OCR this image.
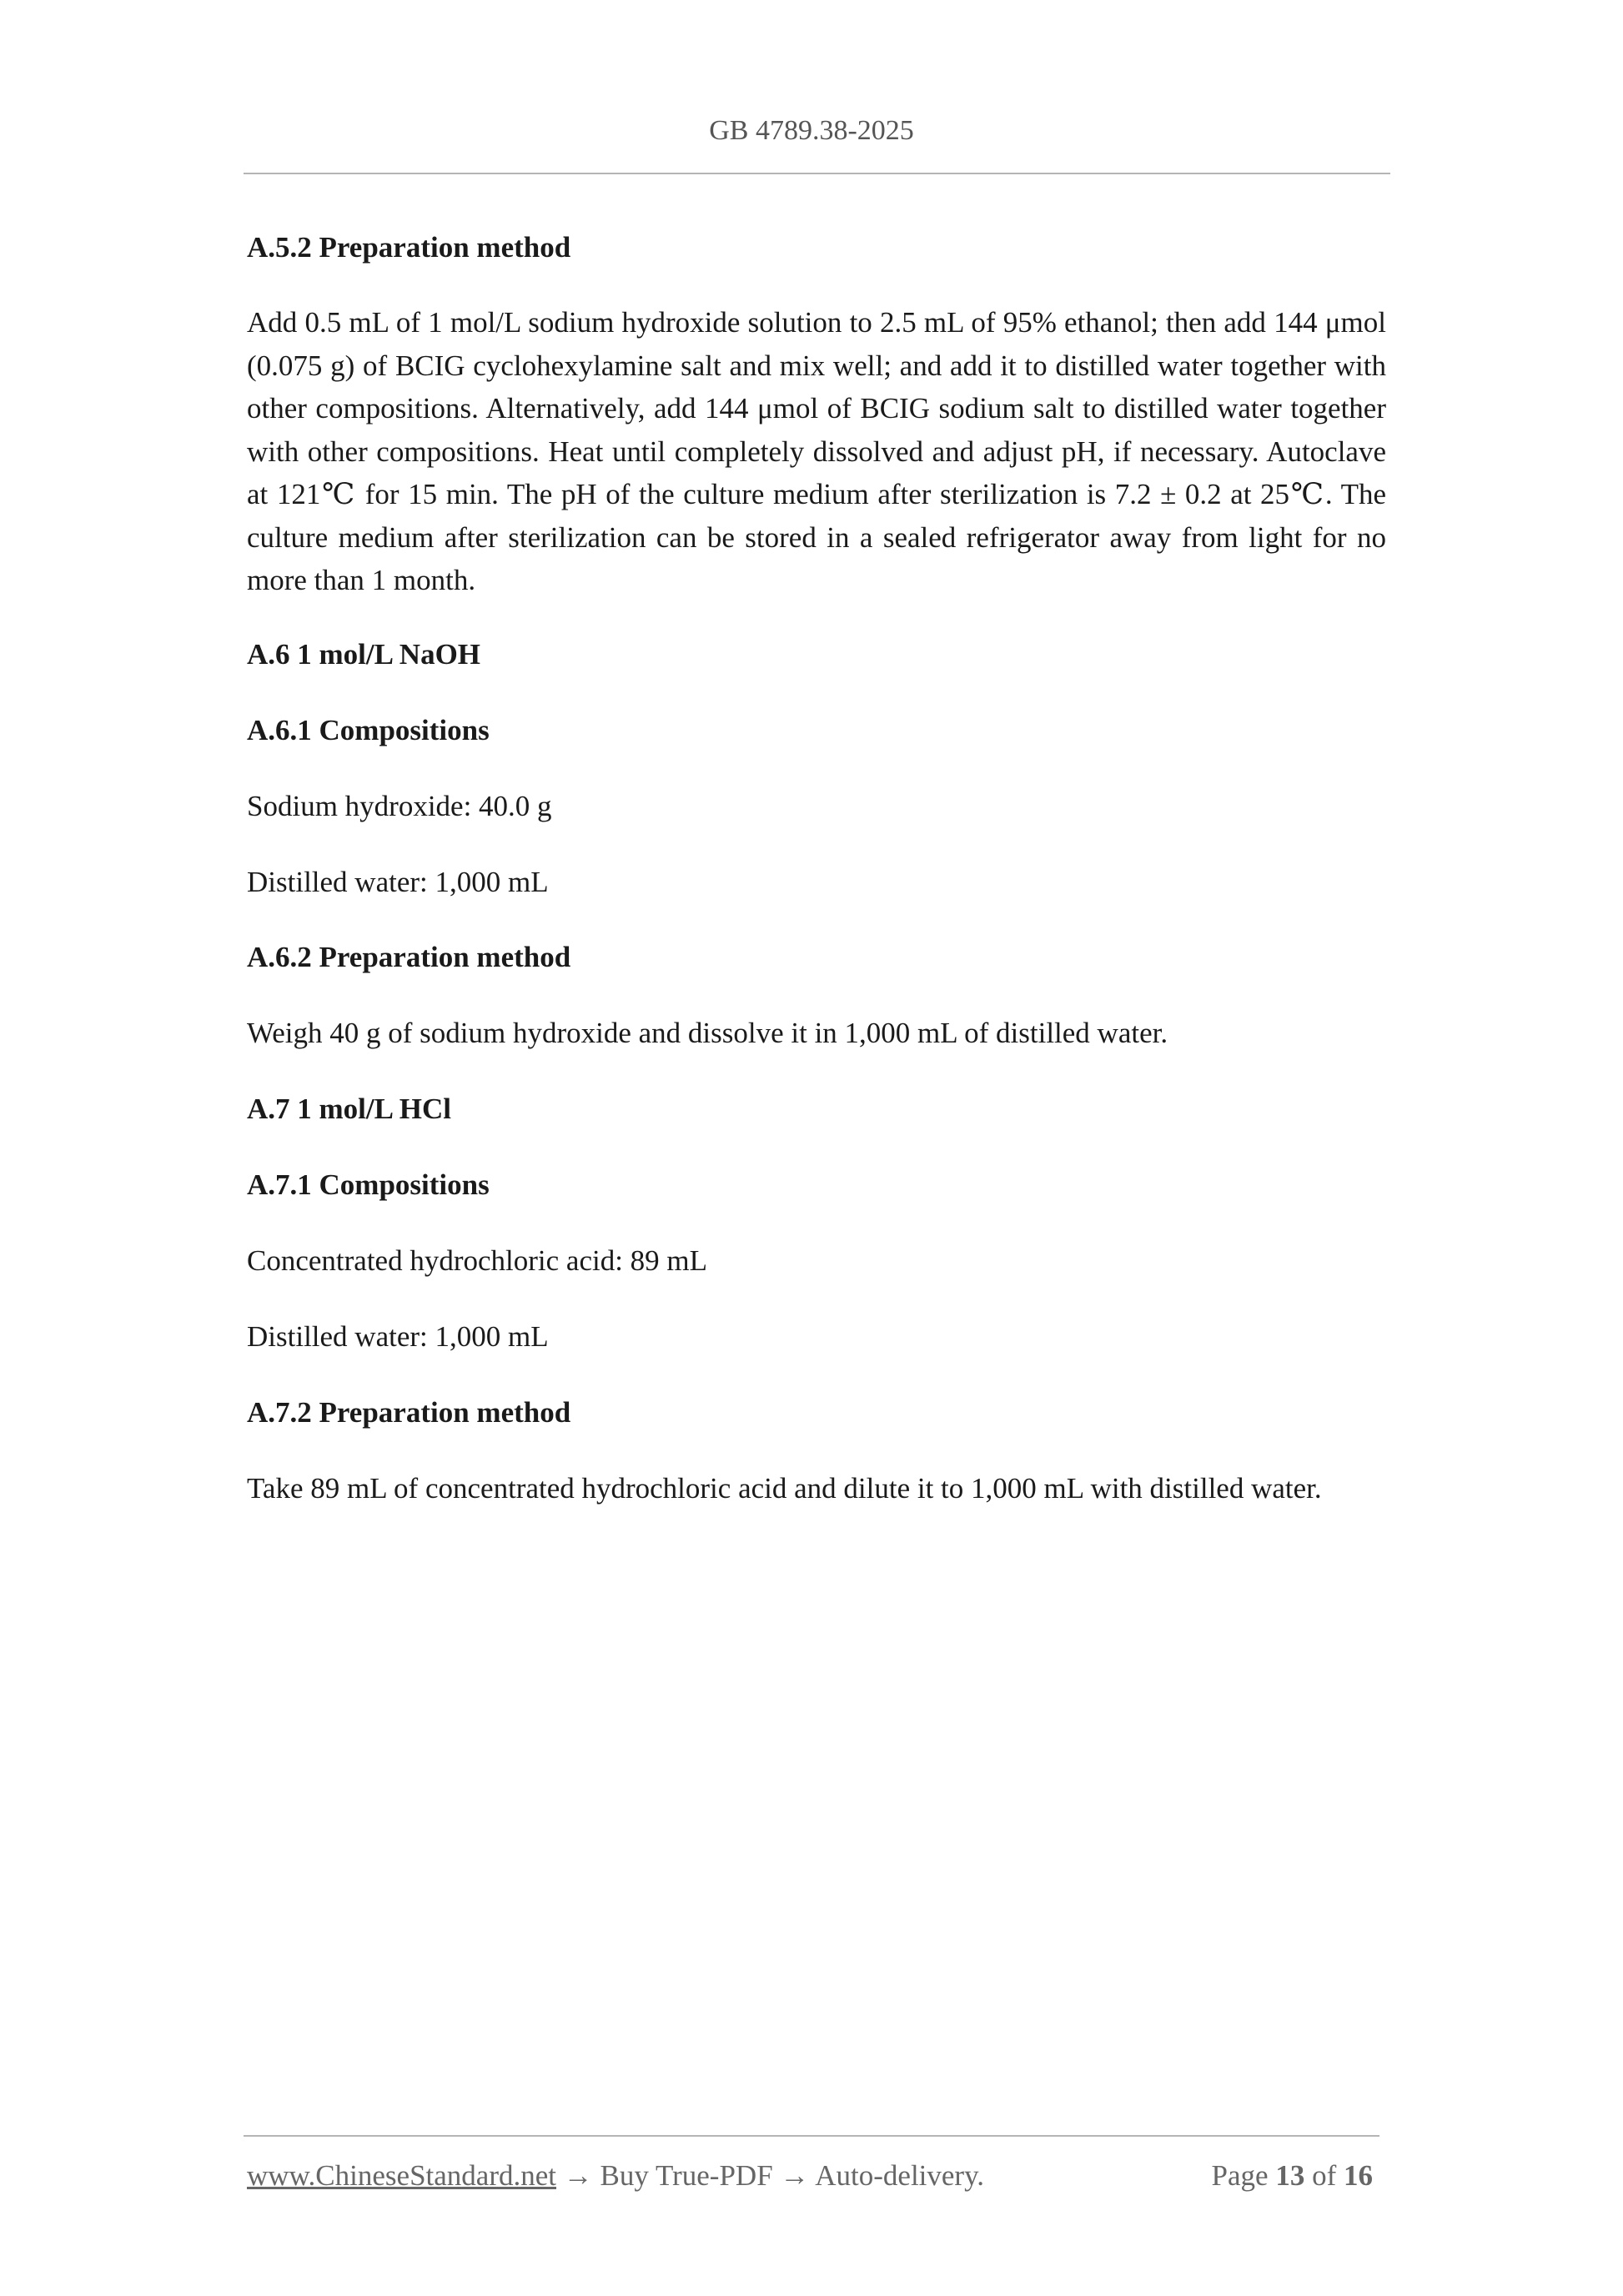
GB 4789.38-2025
A.5.2 Preparation method
Add 0.5 mL of 1 mol/L sodium hydroxide solution to 2.5 mL of 95% ethanol; then add 144 μmol (0.075 g) of BCIG cyclohexylamine salt and mix well; and add it to distilled water together with other compositions. Alternatively, add 144 μmol of BCIG sodium salt to distilled water together with other compositions. Heat until completely dissolved and adjust pH, if necessary. Autoclave at 121℃ for 15 min. The pH of the culture medium after sterilization is 7.2 ± 0.2 at 25℃. The culture medium after sterilization can be stored in a sealed refrigerator away from light for no more than 1 month.
A.6 1 mol/L NaOH
A.6.1 Compositions
Sodium hydroxide: 40.0 g
Distilled water: 1,000 mL
A.6.2 Preparation method
Weigh 40 g of sodium hydroxide and dissolve it in 1,000 mL of distilled water.
A.7 1 mol/L HCl
A.7.1 Compositions
Concentrated hydrochloric acid: 89 mL
Distilled water: 1,000 mL
A.7.2 Preparation method
Take 89 mL of concentrated hydrochloric acid and dilute it to 1,000 mL with distilled water.
www.ChineseStandard.net → Buy True-PDF → Auto-delivery.	Page 13 of 16
